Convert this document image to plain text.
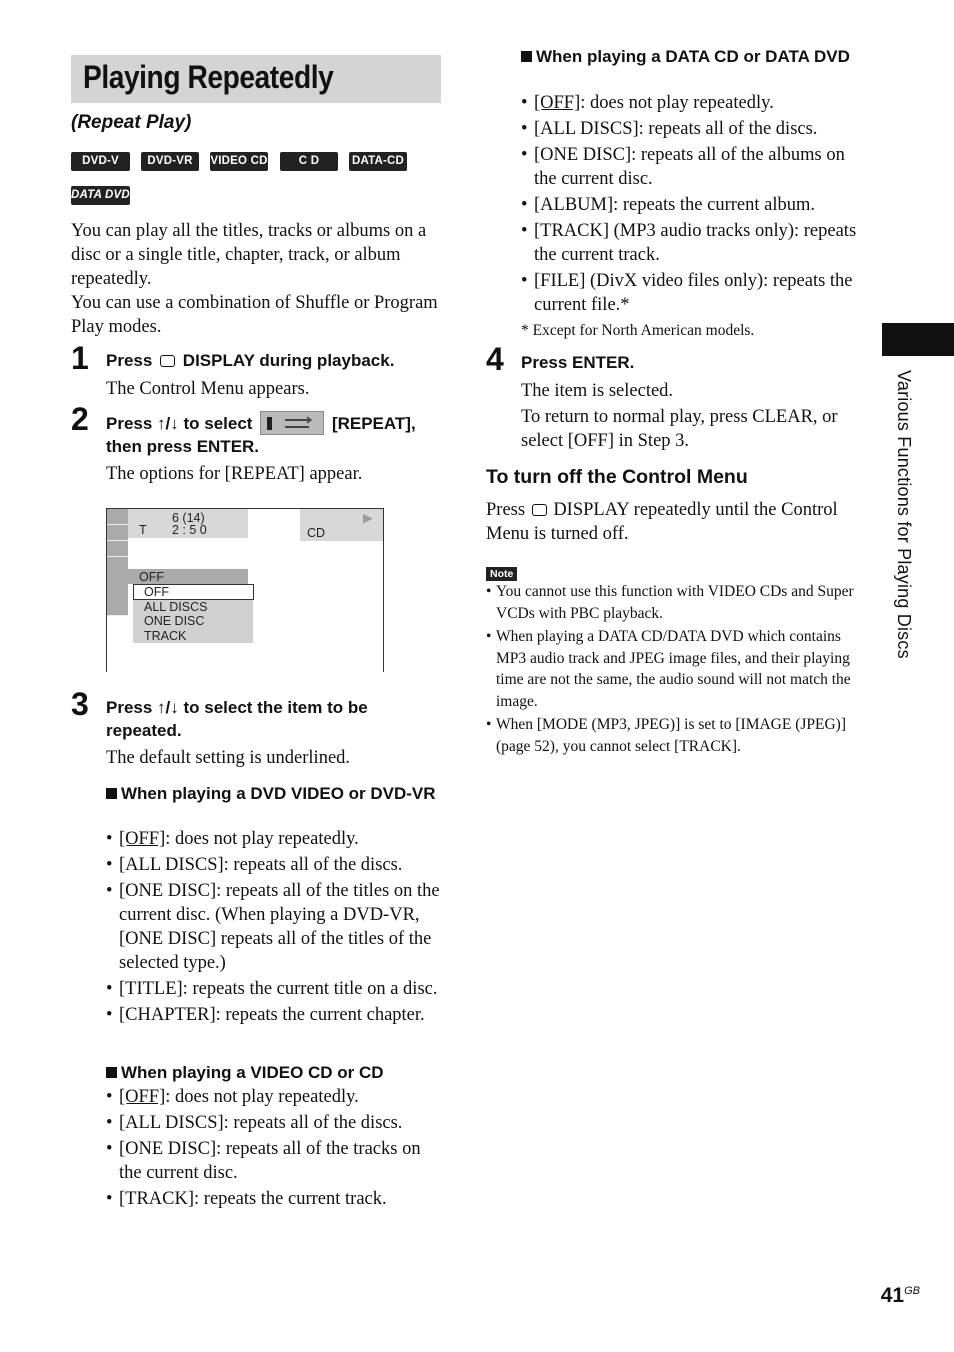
Playing Repeatedly
(Repeat Play)
DVD-V	DVD-VR	VIDEO CD	C D	DATA-CD
DATA DVD
You can play all the titles, tracks or albums on a disc or a single title, chapter, track, or album repeatedly.
You can use a combination of Shuffle or Program Play modes.
1 Press DISPLAY during playback.
The Control Menu appears.
2 Press ↑/↓ to select	[REPEAT],
then press ENTER.
The options for [REPEAT] appear.
6 (14)
T 2 : 5 0	CD
▶
OFF
OFF
ALL DISCS
ONE DISC
TRACK
3 Press ↑/↓ to select the item to be repeated.
The default setting is underlined.
When playing a DVD VIDEO or DVD-VR
• [OFF]: does not play repeatedly.
• [ALL DISCS]: repeats all of the discs.
• [ONE DISC]: repeats all of the titles on the current disc. (When playing a DVD-VR, [ONE DISC] repeats all of the titles of the selected type.)
• [TITLE]: repeats the current title on a disc.
• [CHAPTER]: repeats the current chapter.
When playing a VIDEO CD or CD
• [OFF]: does not play repeatedly.
• [ALL DISCS]: repeats all of the discs.
• [ONE DISC]: repeats all of the tracks on the current disc.
• [TRACK]: repeats the current track.
When playing a DATA CD or DATA DVD
• [OFF]: does not play repeatedly.
• [ALL DISCS]: repeats all of the discs.
• [ONE DISC]: repeats all of the albums on the current disc.
• [ALBUM]: repeats the current album.
• [TRACK] (MP3 audio tracks only): repeats the current track.
• [FILE] (DivX video files only): repeats the current file.*
* Except for North American models.
4 Press ENTER.
The item is selected.
To return to normal play, press CLEAR, or select [OFF] in Step 3.
To turn off the Control Menu
Press DISPLAY repeatedly until the Control Menu is turned off.
Note
• You cannot use this function with VIDEO CDs and Super VCDs with PBC playback.
• When playing a DATA CD/DATA DVD which contains MP3 audio track and JPEG image files, and their playing time are not the same, the audio sound will not match the image.
• When [MODE (MP3, JPEG)] is set to [IMAGE (JPEG)] (page 52), you cannot select [TRACK].
Various Functions for Playing Discs
$41^{GB}$
